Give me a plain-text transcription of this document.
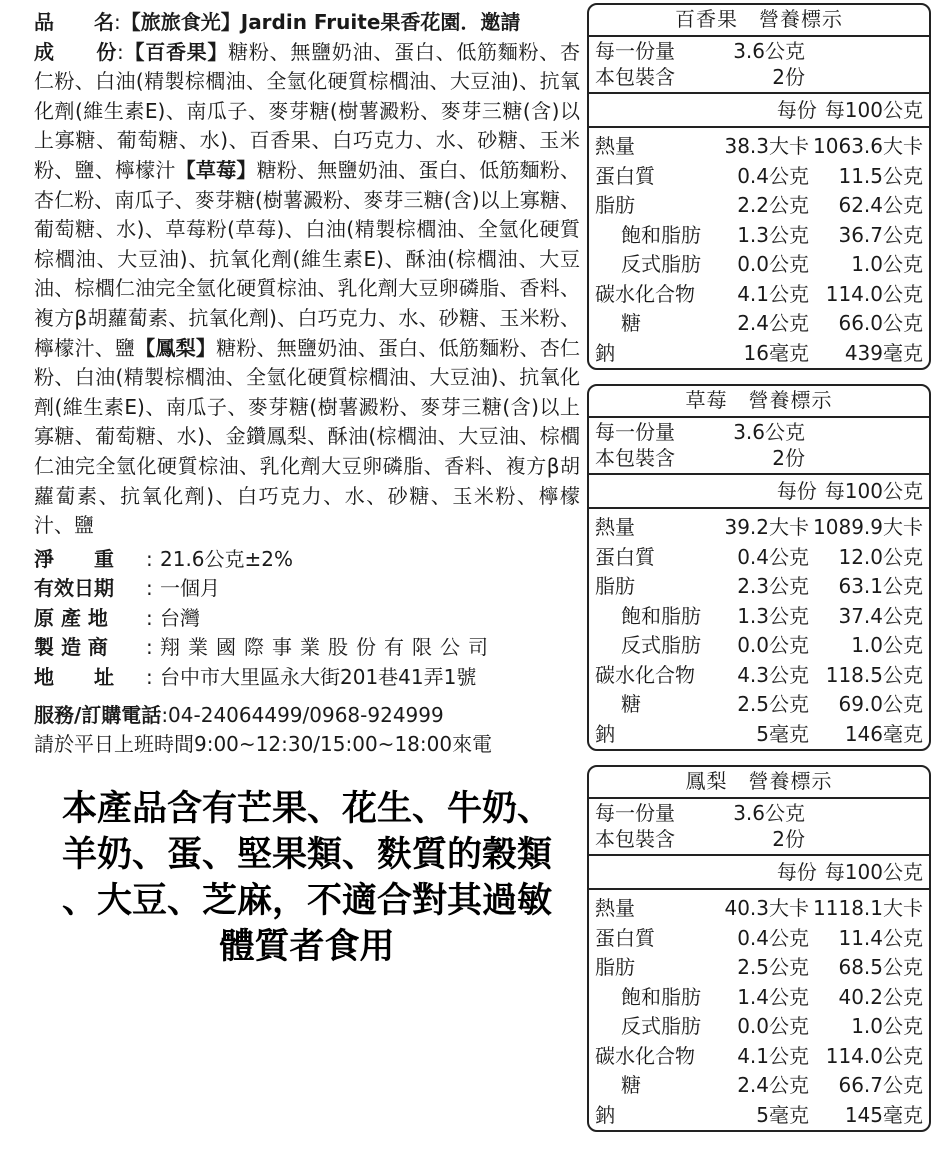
品　　名:【旅旅食光】Jardin Fruite果香花園．邀請

成　　份:【百香果】糖粉、無鹽奶油、蛋白、低筋麵粉、杏仁粉、白油(精製棕櫚油、全氫化硬質棕櫚油、大豆油)、抗氧化劑(維生素E)、南瓜子、麥芽糖(樹薯澱粉、麥芽三糖(含)以上寡糖、葡萄糖、水)、百香果、白巧克力、水、砂糖、玉米粉、鹽、檸檬汁【草莓】糖粉、無鹽奶油、蛋白、低筋麵粉、杏仁粉、南瓜子、麥芽糖(樹薯澱粉、麥芽三糖(含)以上寡糖、葡萄糖、水)、草莓粉(草莓)、白油(精製棕櫚油、全氫化硬質棕櫚油、大豆油)、抗氧化劑(維生素E)、酥油(棕櫚油、大豆油、棕櫚仁油完全氫化硬質棕油、乳化劑大豆卵磷脂、香料、複方β胡蘿蔔素、抗氧化劑)、白巧克力、水、砂糖、玉米粉、檸檬汁、鹽【鳳梨】糖粉、無鹽奶油、蛋白、低筋麵粉、杏仁粉、白油(精製棕櫚油、全氫化硬質棕櫚油、大豆油)、抗氧化劑(維生素E)、南瓜子、麥芽糖(樹薯澱粉、麥芽三糖(含)以上寡糖、葡萄糖、水)、金鑽鳳梨、酥油(棕櫚油、大豆油、棕櫚仁油完全氫化硬質棕油、乳化劑大豆卵磷脂、香料、複方β胡蘿蔔素、抗氧化劑)、白巧克力、水、砂糖、玉米粉、檸檬汁、鹽

淨　　重	: 21.6公克±2%
有效日期	: 一個月
原 產 地	: 台灣
製 造 商	: 翔業國際事業股份有限公司
地　　址	: 台中市大里區永大街201巷41弄1號
服務/訂購電話:04-24064499/0968-924999
請於平日上班時間9:00~12:30/15:00~18:00來電
本產品含有芒果、花生、牛奶、
羊奶、蛋、堅果類、麩質的穀類
、大豆、芝麻，不適合對其過敏
體質者食用
百香果　營養標示
每一份量	3.6公克
本包裝含	2份
每份 每100公克
熱量	38.3大卡 1063.6大卡
蛋白質	0.4公克	11.5公克
脂肪	2.2公克	62.4公克
飽和脂肪	1.3公克	36.7公克
反式脂肪	0.0公克	1.0公克
碳水化合物	4.1公克 114.0公克
糖	2.4公克	66.0公克
鈉	16毫克	439毫克
草莓　營養標示
每一份量	3.6公克
本包裝含	2份
每份 每100公克
熱量	39.2大卡 1089.9大卡
蛋白質	0.4公克	12.0公克
脂肪	2.3公克	63.1公克
飽和脂肪	1.3公克	37.4公克
反式脂肪	0.0公克	1.0公克
碳水化合物	4.3公克 118.5公克
糖	2.5公克	69.0公克
鈉	5毫克	146毫克
鳳梨　營養標示
每一份量	3.6公克
本包裝含	2份
每份 每100公克
熱量	40.3大卡 1118.1大卡
蛋白質	0.4公克	11.4公克
脂肪	2.5公克	68.5公克
飽和脂肪	1.4公克	40.2公克
反式脂肪	0.0公克	1.0公克
碳水化合物	4.1公克 114.0公克
糖	2.4公克	66.7公克
鈉	5毫克	145毫克
